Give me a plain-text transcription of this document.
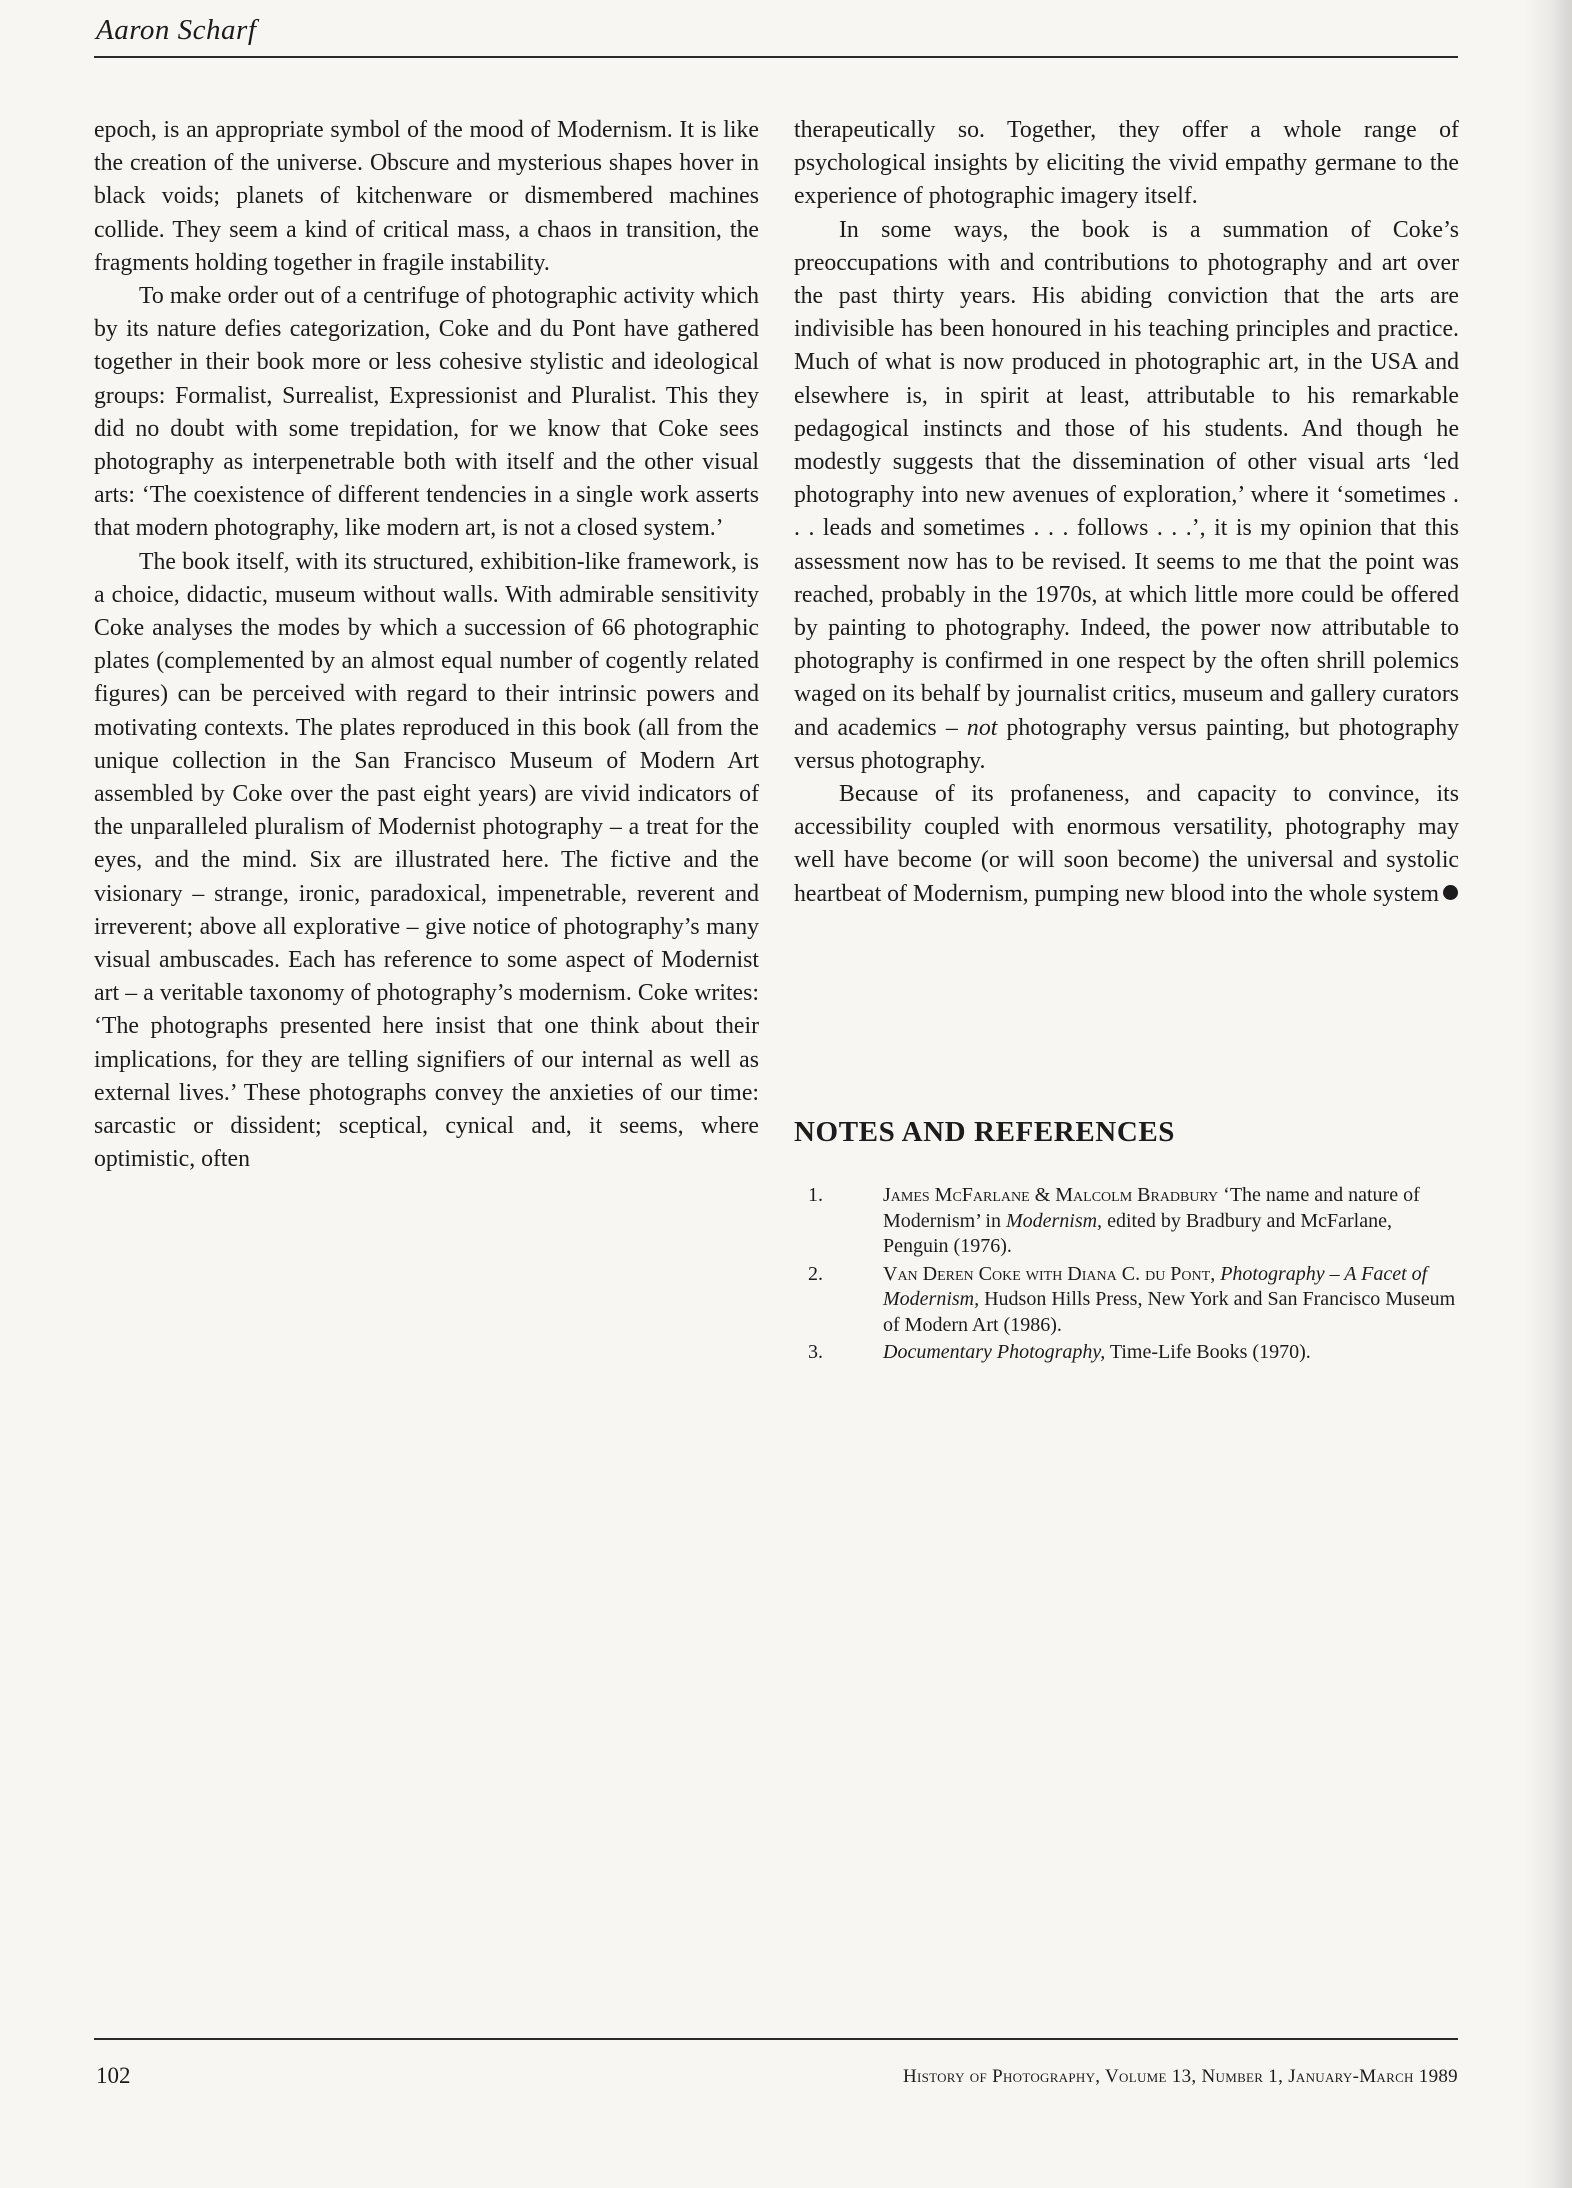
Aaron Scharf

epoch, is an appropriate symbol of the mood of Modernism. It is like the creation of the universe. Obscure and mysterious shapes hover in black voids; planets of kitchenware or dismembered machines collide. They seem a kind of critical mass, a chaos in transition, the fragments holding together in fragile instability.

To make order out of a centrifuge of photographic activity which by its nature defies categorization, Coke and du Pont have gathered together in their book more or less cohesive stylistic and ideological groups: Formalist, Surrealist, Expressionist and Pluralist. This they did no doubt with some trepidation, for we know that Coke sees photography as interpenetrable both with itself and the other visual arts: ‘The coexistence of different tendencies in a single work asserts that modern photography, like modern art, is not a closed system.’

The book itself, with its structured, exhibition-like framework, is a choice, didactic, museum without walls. With admirable sensitivity Coke analyses the modes by which a succession of 66 photographic plates (complemented by an almost equal number of cogently related figures) can be perceived with regard to their intrinsic powers and motivating contexts. The plates reproduced in this book (all from the unique collection in the San Francisco Museum of Modern Art assembled by Coke over the past eight years) are vivid indicators of the unparalleled pluralism of Modernist photography – a treat for the eyes, and the mind. Six are illustrated here. The fictive and the visionary – strange, ironic, paradoxical, impenetrable, reverent and irreverent; above all explorative – give notice of photography’s many visual ambuscades. Each has reference to some aspect of Modernist art – a veritable taxonomy of photography’s modernism. Coke writes: ‘The photographs presented here insist that one think about their implications, for they are telling signifiers of our internal as well as external lives.’ These photographs convey the anxieties of our time: sarcastic or dissident; sceptical, cynical and, it seems, where optimistic, often

therapeutically so. Together, they offer a whole range of psychological insights by eliciting the vivid empathy germane to the experience of photographic imagery itself.

In some ways, the book is a summation of Coke’s preoccupations with and contributions to photography and art over the past thirty years. His abiding conviction that the arts are indivisible has been honoured in his teaching principles and practice. Much of what is now produced in photographic art, in the USA and elsewhere is, in spirit at least, attributable to his remarkable pedagogical instincts and those of his students. And though he modestly suggests that the dissemination of other visual arts ‘led photography into new avenues of exploration,’ where it ‘sometimes . . . leads and sometimes . . . follows . . .’, it is my opinion that this assessment now has to be revised. It seems to me that the point was reached, probably in the 1970s, at which little more could be offered by painting to photography. Indeed, the power now attributable to photography is confirmed in one respect by the often shrill polemics waged on its behalf by journalist critics, museum and gallery curators and academics – not photography versus painting, but photography versus photography.

Because of its profaneness, and capacity to convince, its accessibility coupled with enormous versatility, photography may well have become (or will soon become) the universal and systolic heartbeat of Modernism, pumping new blood into the whole system

NOTES AND REFERENCES
1.	James McFarlane & Malcolm Bradbury ‘The name and nature of Modernism’ in Modernism, edited by Bradbury and McFarlane, Penguin (1976).
2.	Van Deren Coke with Diana C. du Pont, Photography – A Facet of Modernism, Hudson Hills Press, New York and San Francisco Museum of Modern Art (1986).
3.	Documentary Photography, Time-Life Books (1970).
102	History of Photography, Volume 13, Number 1, January-March 1989
